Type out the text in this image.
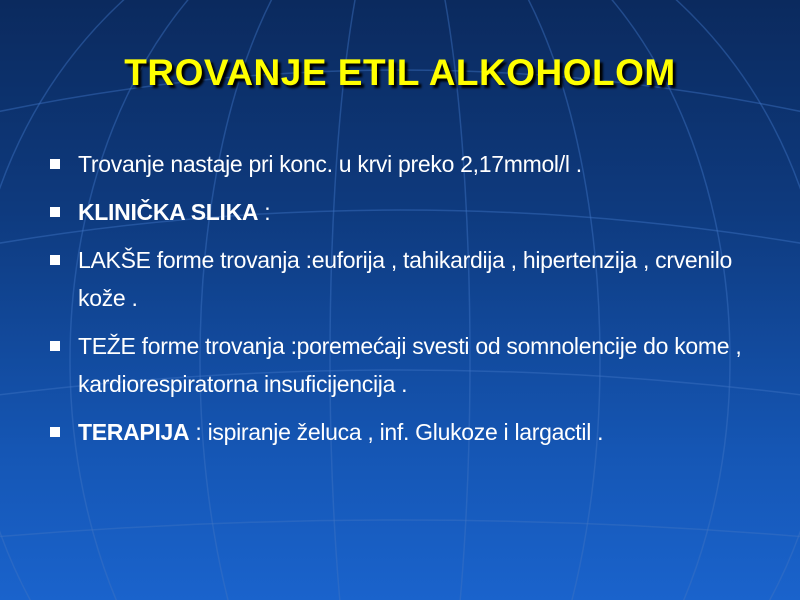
TROVANJE ETIL ALKOHOLOM
Trovanje nastaje pri konc. u krvi preko 2,17mmol/l .
KLINIČKA SLIKA :
LAKŠE forme trovanja :euforija , tahikardija , hipertenzija , crvenilo kože .
TEŽE forme trovanja :poremećaji svesti od somnolencije do kome , kardiorespiratorna insuficijencija .
TERAPIJA : ispiranje želuca , inf. Glukoze i largactil .
